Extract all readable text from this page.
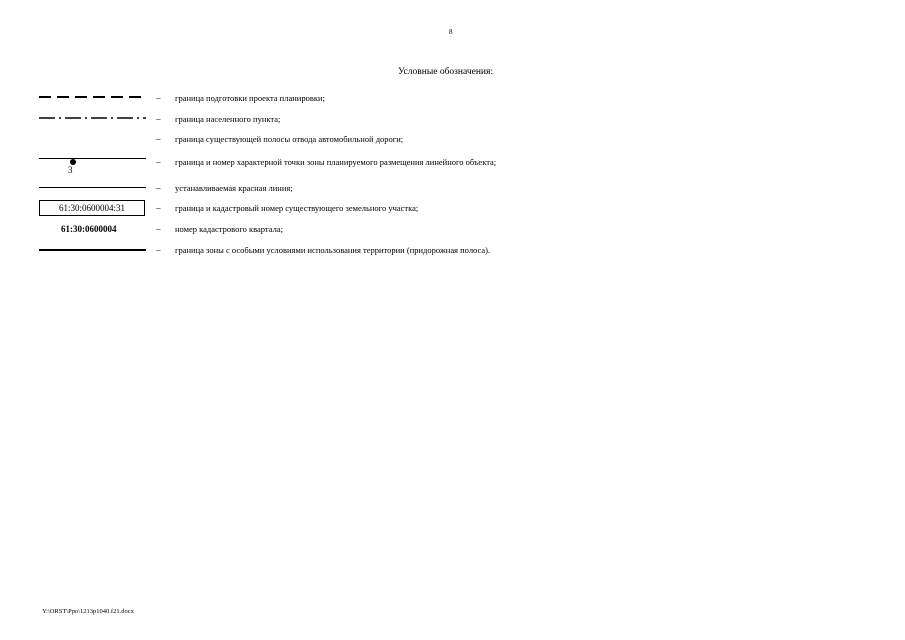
8
Условные обозначения:
– граница подготовки проекта планировки;
– граница населенного пункта;
– граница существующей полосы отвода автомобильной дороги;
3
– граница и номер характерной точки зоны планируемого размещения линейного объекта;
– устанавливаемая красная линия;
61:30:0600004:31	– граница и кадастровый номер существующего земельного участка;
61:30:0600004	– номер кадастрового квартала;
– граница зоны с особыми условиями использования территории (придорожная полоса).
Y:\ORST\Ppo\1213p1040.f21.docx
